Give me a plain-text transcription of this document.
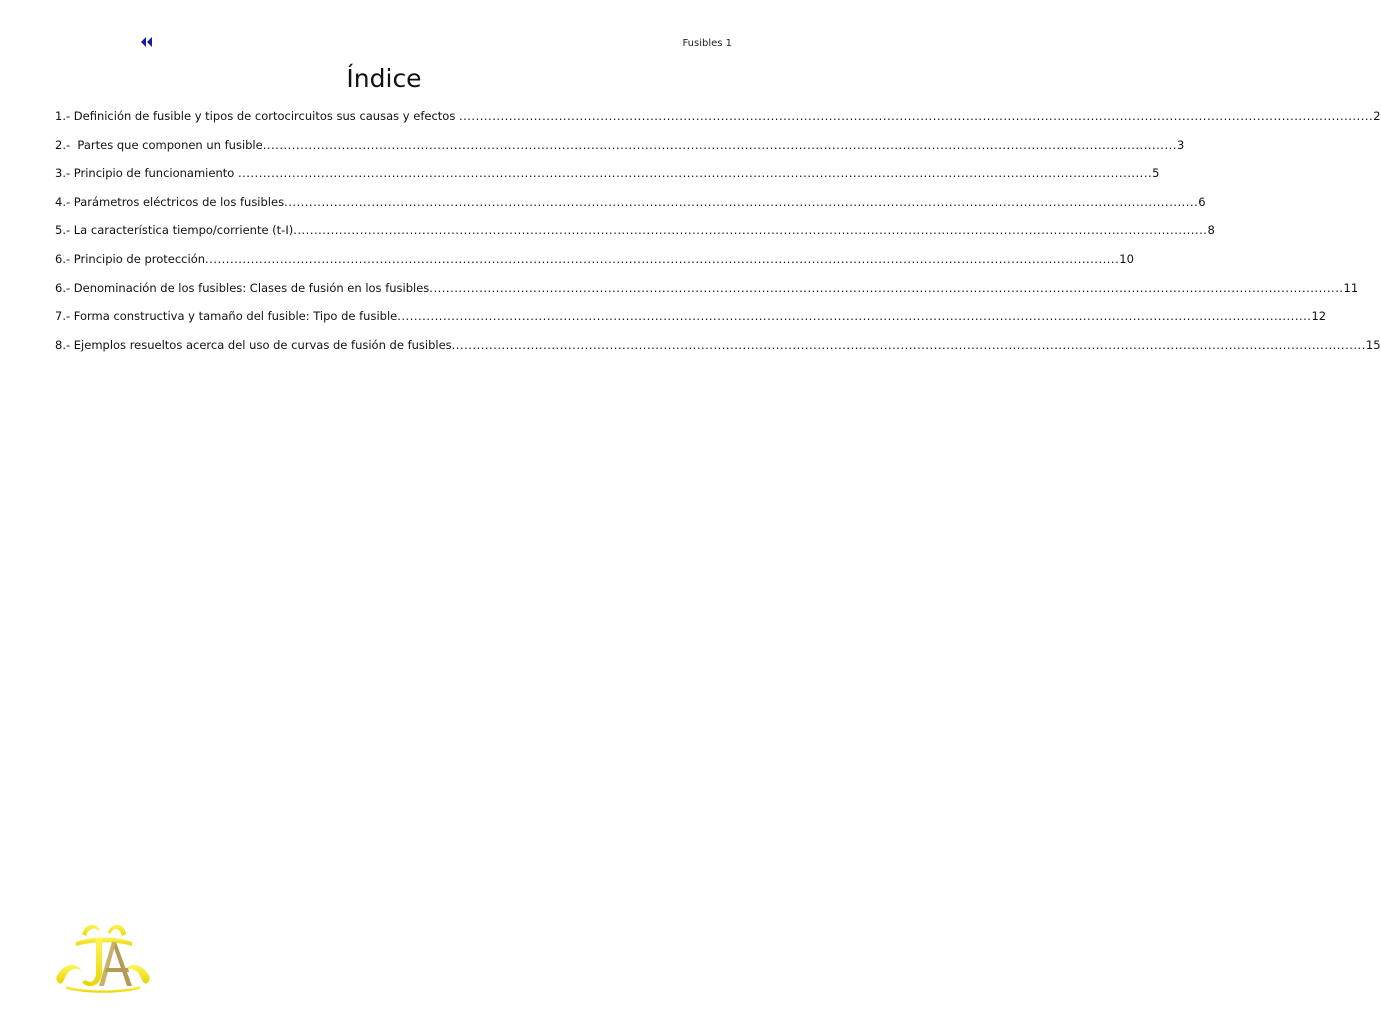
Fusibles 1
Índice
1.- Definición de fusible y tipos de cortocircuitos sus causas y efectos ............................................................................................................................................................................................................................ 2
2.-  Partes que componen un fusible ............................................................................................................................................................................................................................ 3
3.- Principio de funcionamiento ............................................................................................................................................................................................................................ 5
4.- Parámetros eléctricos de los fusibles ............................................................................................................................................................................................................................ 6
5.- La característica tiempo/corriente (t-I) ............................................................................................................................................................................................................................ 8
6.- Principio de protección ............................................................................................................................................................................................................................ 10
6.- Denominación de los fusibles: Clases de fusión en los fusibles ............................................................................................................................................................................................................................ 11
7.- Forma constructiva y tamaño del fusible: Tipo de fusible ............................................................................................................................................................................................................................ 12
8.- Ejemplos resueltos acerca del uso de curvas de fusión de fusibles ............................................................................................................................................................................................................................ 15
